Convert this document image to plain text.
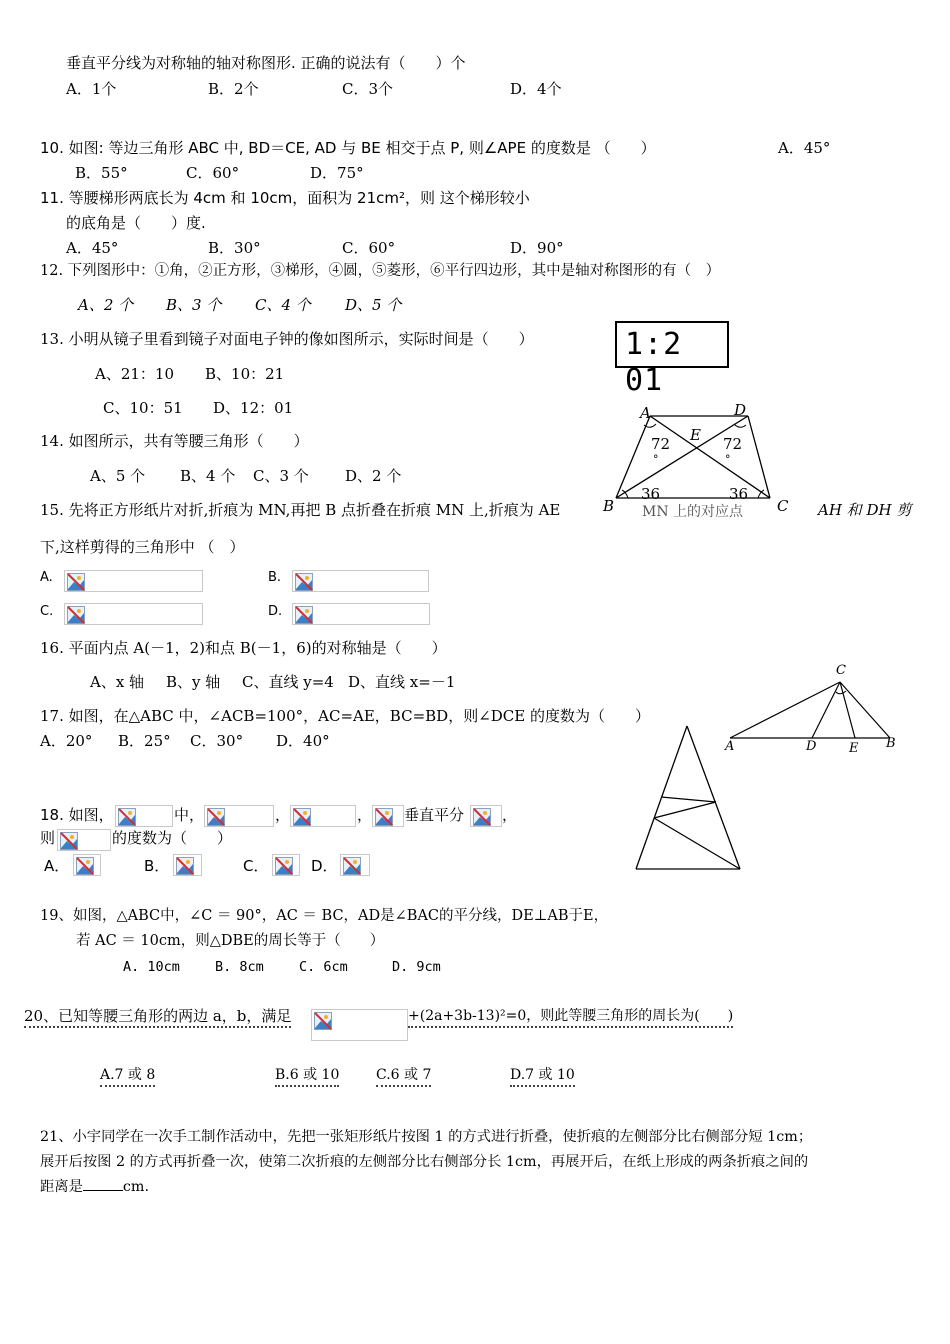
垂直平分线为对称轴的轴对称图形. 正确的说法有（　　）个
A．1个	B．2个	C．3个	D．4个
10. 如图: 等边三角形 ABC 中, BD＝CE, AD 与 BE 相交于点 P, 则∠APE 的度数是 （　　）	A．45°
B．55°	C．60°	D．75°
11. 等腰梯形两底长为 4cm 和 10cm，面积为 21cm²，则 这个梯形较小
的底角是（　　）度.
A．45°	B．30°	C．60°	D．90°
12. 下列图形中：①角，②正方形，③梯形，④圆，⑤菱形，⑥平行四边形，其中是轴对称图形的有（　）
A、2 个 B、3 个 C、4 个 D、5 个
13. 小明从镜子里看到镜子对面电子钟的像如图所示，实际时间是（　　）
A、21：10 B、10：21
C、10：51 D、12：01
1:2 01
14. 如图所示，共有等腰三角形（　　）
A、5 个 B、4 个 C、3 个 D、2 个
A	D
E
B	C
72
°
72
°
36	36
15. 先将正方形纸片对折,折痕为 MN,再把 B 点折叠在折痕 MN 上,折痕为 AE	MN 上的对应点	AH 和 DH 剪
下,这样剪得的三角形中 （　）
A.	B.
C.	D.
16. 平面内点 A(－1，2)和点 B(－1，6)的对称轴是（　　）
A、x 轴 B、y 轴 C、直线 y=4 D、直线 x=－1
17. 如图，在△ABC 中，∠ACB=100°，AC=AE，BC=BD，则∠DCE 的度数为（　　）
A．20° B．25° C．30° D．40°
C
A	D	E B
18. 如图，	中，	，	， 垂直平分	，
则	的度数为（　　）
A．	B．	C．	D．
19、如图，△ABC中，∠C ＝ 90°，AC ＝ BC，AD是∠BAC的平分线，DE⊥AB于E，
若 AC ＝ 10cm，则△DBE的周长等于（　　）
A. 10cm	B. 8cm	C. 6cm	D. 9cm
20、已知等腰三角形的两边 a，b，满足	+(2a+3b-13)²=0，则此等腰三角形的周长为(　　)
A.7 或 8	B.6 或 10	C.6 或 7	D.7 或 10
21、小宇同学在一次手工制作活动中，先把一张矩形纸片按图 1 的方式进行折叠，使折痕的左侧部分比右侧部分短 1cm；
展开后按图 2 的方式再折叠一次，使第二次折痕的左侧部分比右侧部分长 1cm，再展开后，在纸上形成的两条折痕之间的
距离是	cm.
